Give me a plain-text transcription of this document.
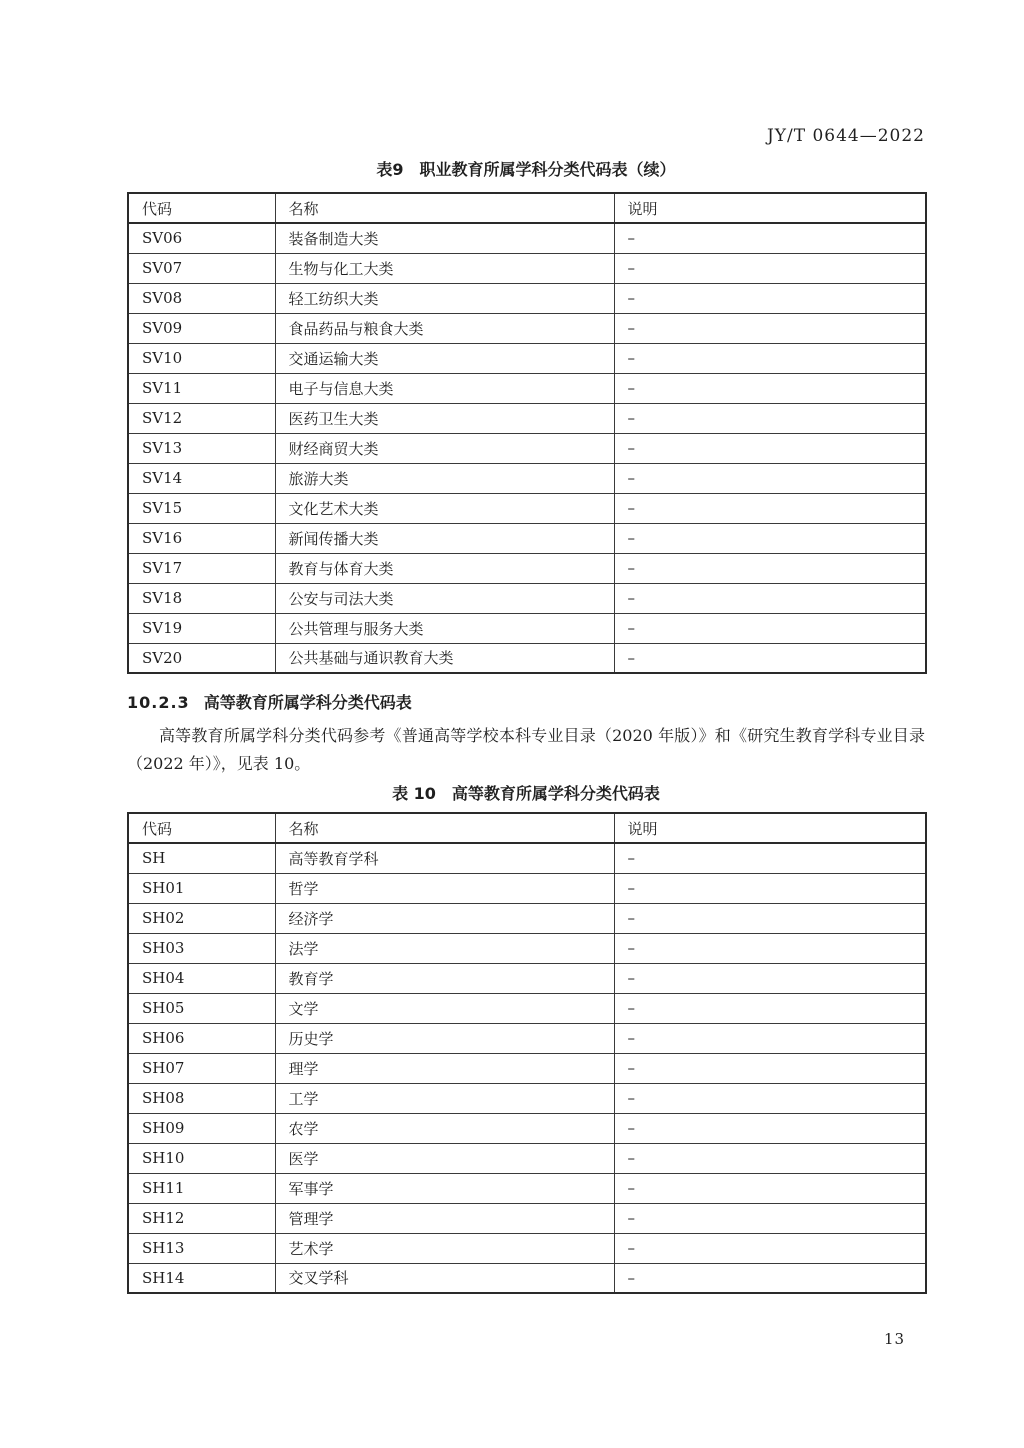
JY/T 0644—2022
表9　职业教育所属学科分类代码表（续）
代码	名称	说明
SV06	装备制造大类	–
SV07	生物与化工大类	–
SV08	轻工纺织大类	–
SV09	食品药品与粮食大类	–
SV10	交通运输大类	–
SV11	电子与信息大类	–
SV12	医药卫生大类	–
SV13	财经商贸大类	–
SV14	旅游大类	–
SV15	文化艺术大类	–
SV16	新闻传播大类	–
SV17	教育与体育大类	–
SV18	公安与司法大类	–
SV19	公共管理与服务大类	–
SV20	公共基础与通识教育大类	–
10.2.3 高等教育所属学科分类代码表
高等教育所属学科分类代码参考《普通高等学校本科专业目录（2020 年版）》和《研究生教育学科专业目录（2022 年）》，见表 10。
表 10　高等教育所属学科分类代码表
代码	名称	说明
SH	高等教育学科	–
SH01	哲学	–
SH02	经济学	–
SH03	法学	–
SH04	教育学	–
SH05	文学	–
SH06	历史学	–
SH07	理学	–
SH08	工学	–
SH09	农学	–
SH10	医学	–
SH11	军事学	–
SH12	管理学	–
SH13	艺术学	–
SH14	交叉学科	–
13
